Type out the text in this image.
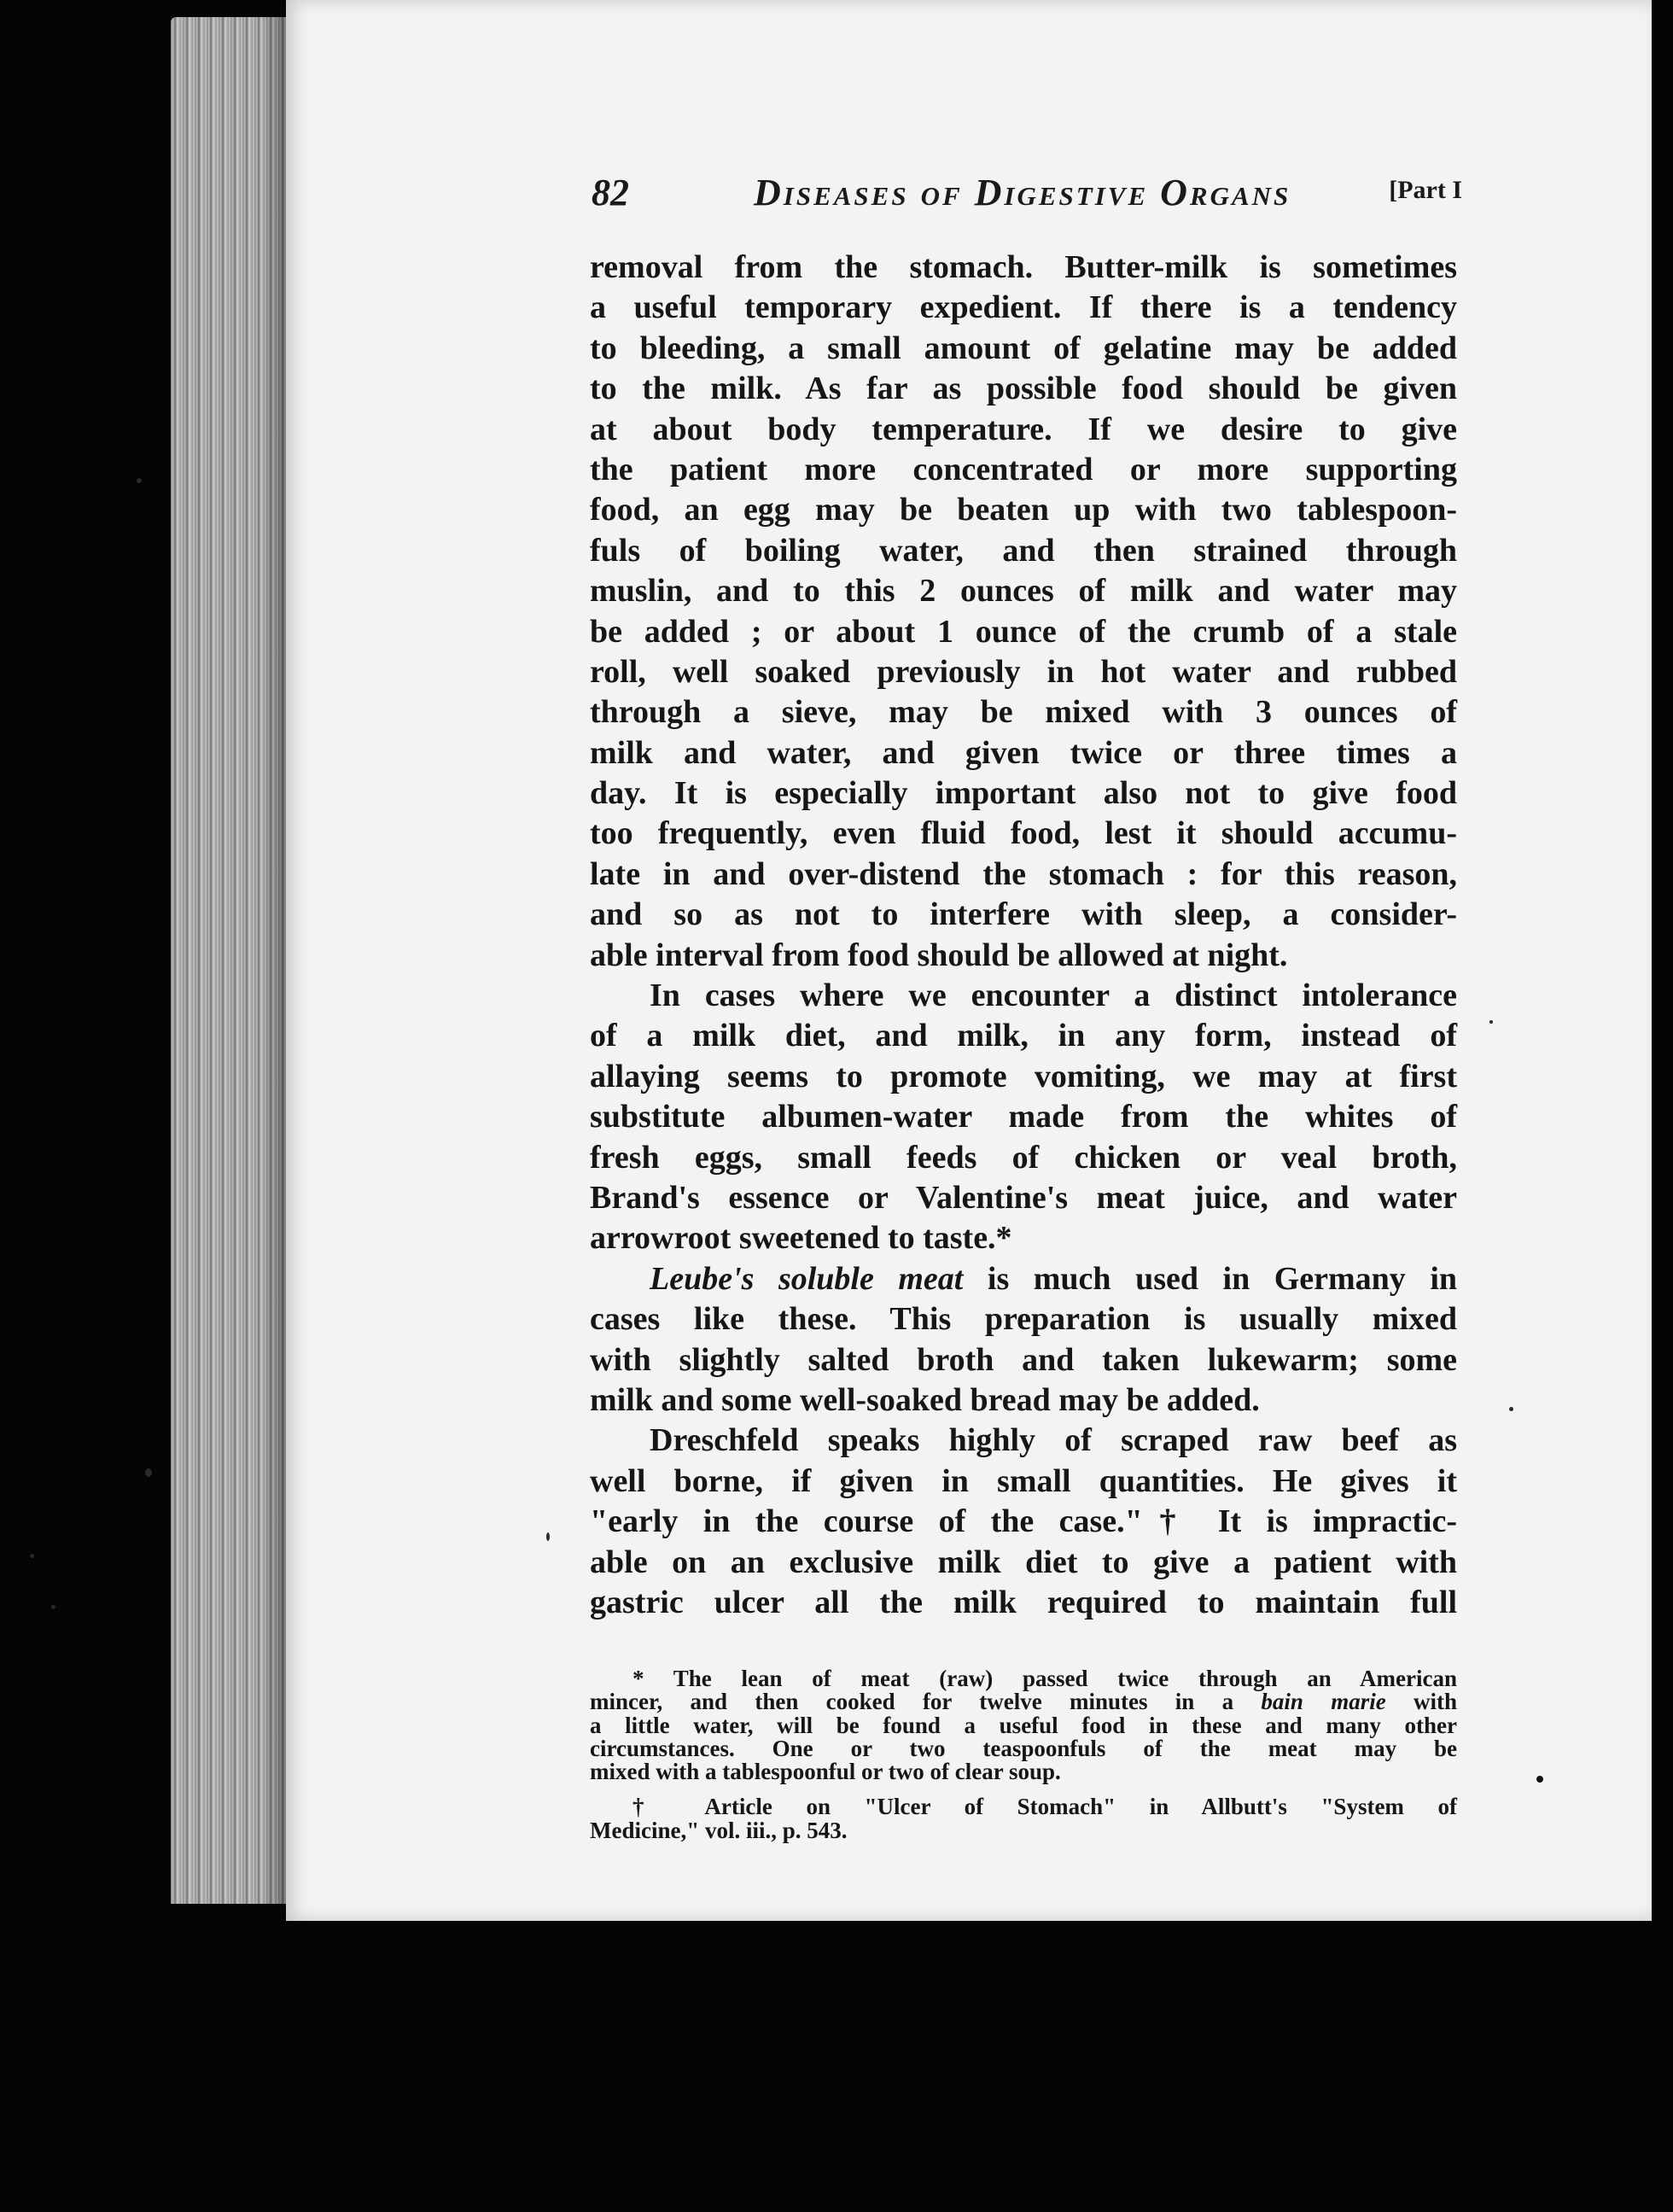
82	Diseases of Digestive Organs	[Part I
removal from the stomach. Butter-milk is sometimes
a useful temporary expedient. If there is a tendency
to bleeding, a small amount of gelatine may be added
to the milk. As far as possible food should be given
at about body temperature. If we desire to give
the patient more concentrated or more supporting
food, an egg may be beaten up with two tablespoon-
fuls of boiling water, and then strained through
muslin, and to this 2 ounces of milk and water may
be added ; or about 1 ounce of the crumb of a stale
roll, well soaked previously in hot water and rubbed
through a sieve, may be mixed with 3 ounces of
milk and water, and given twice or three times a
day. It is especially important also not to give food
too frequently, even fluid food, lest it should accumu-
late in and over-distend the stomach : for this reason,
and so as not to interfere with sleep, a consider-
able interval from food should be allowed at night.
In cases where we encounter a distinct intolerance
of a milk diet, and milk, in any form, instead of
allaying seems to promote vomiting, we may at first
substitute albumen-water made from the whites of
fresh eggs, small feeds of chicken or veal broth,
Brand's essence or Valentine's meat juice, and water
arrowroot sweetened to taste.*
Leube's soluble meat is much used in Germany in
cases like these. This preparation is usually mixed
with slightly salted broth and taken lukewarm; some
milk and some well-soaked bread may be added.
Dreschfeld speaks highly of scraped raw beef as
well borne, if given in small quantities. He gives it
"early in the course of the case."† It is impractic-
able on an exclusive milk diet to give a patient with
gastric ulcer all the milk required to maintain full
* The lean of meat (raw) passed twice through an American
mincer, and then cooked for twelve minutes in a bain marie with
a little water, will be found a useful food in these and many other
circumstances. One or two teaspoonfuls of the meat may be
mixed with a tablespoonful or two of clear soup.
† Article on "Ulcer of Stomach" in Allbutt's "System of
Medicine," vol. iii., p. 543.
